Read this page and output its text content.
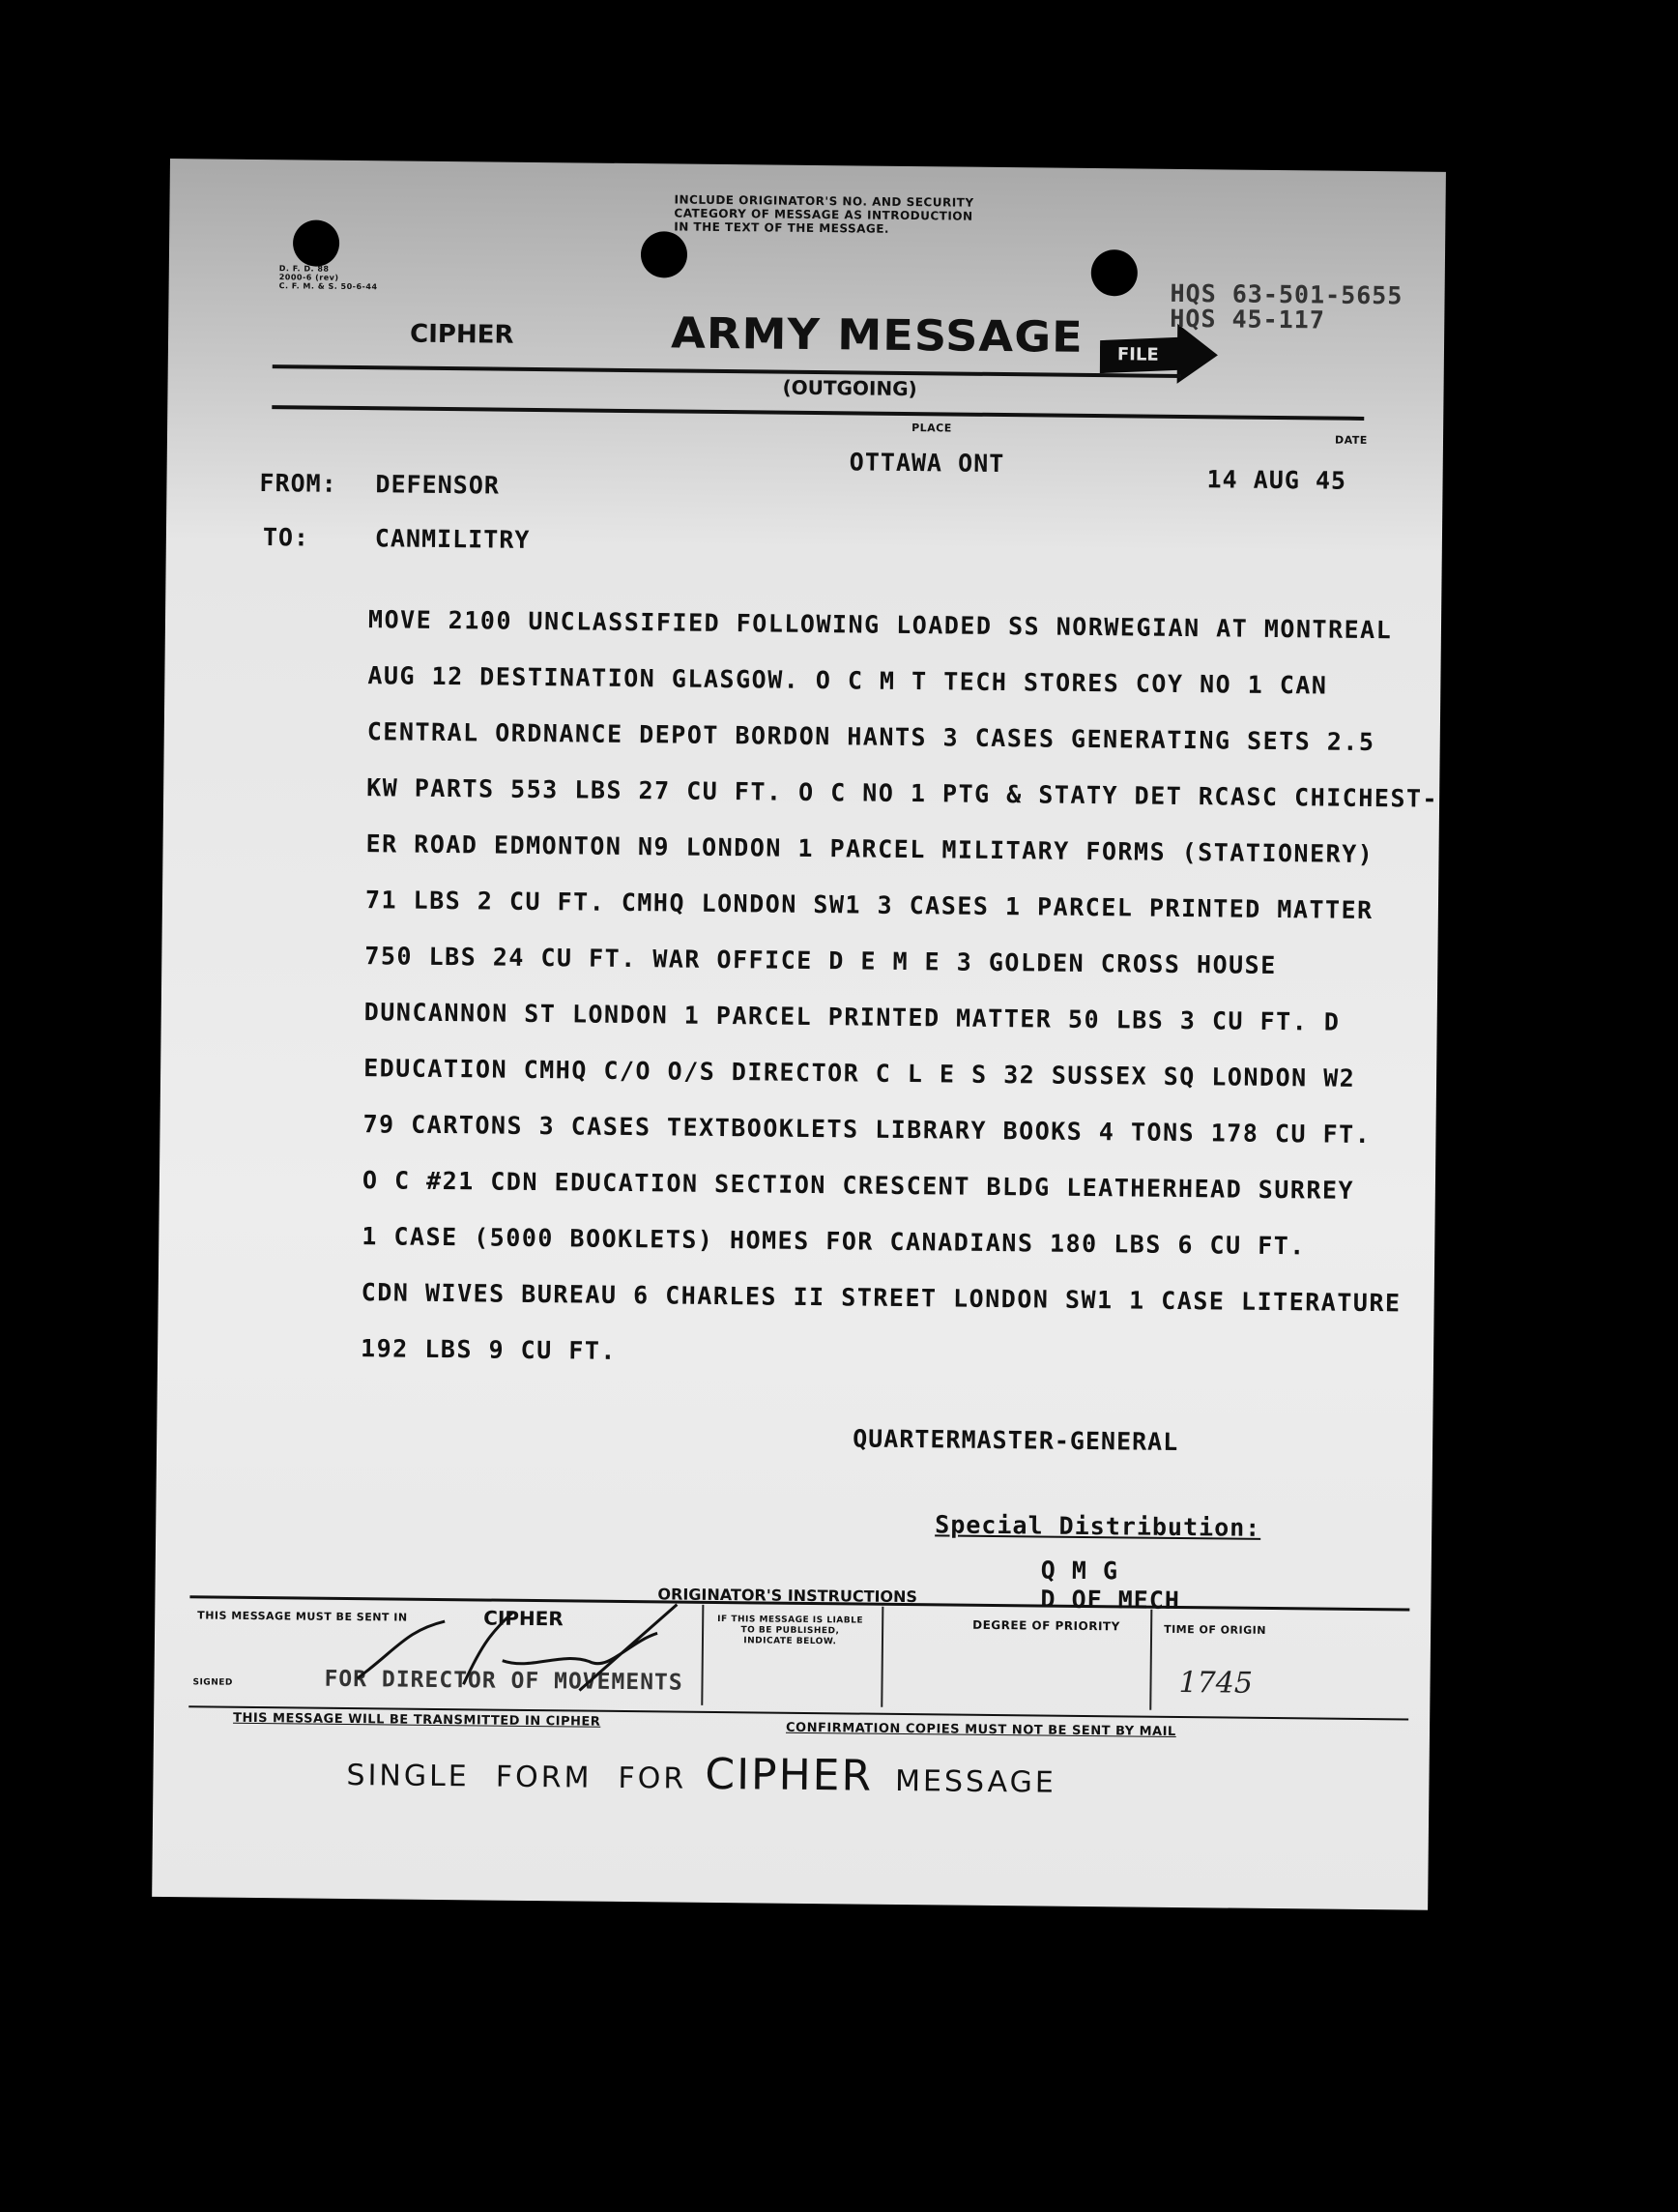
INCLUDE ORIGINATOR'S NO. AND SECURITY
CATEGORY OF MESSAGE AS INTRODUCTION
IN THE TEXT OF THE MESSAGE.
D. F. D. 88
2000-6 (rev)
C. F. M. & S. 50-6-44
CIPHER	ARMY MESSAGE
(OUTGOING)
FILE
HQS 63-501-5655
HQS 45-117
PLACE
OTTAWA ONT
DATE
14 AUG 45
FROM: DEFENSOR
TO:	CANMILITRY
MOVE 2100 UNCLASSIFIED FOLLOWING LOADED SS NORWEGIAN AT MONTREAL
AUG 12 DESTINATION GLASGOW. O C M T TECH STORES COY NO 1 CAN
CENTRAL ORDNANCE DEPOT BORDON HANTS 3 CASES GENERATING SETS 2.5
KW PARTS 553 LBS 27 CU FT. O C NO 1 PTG & STATY DET RCASC CHICHEST-
ER ROAD EDMONTON N9 LONDON 1 PARCEL MILITARY FORMS (STATIONERY)
71 LBS 2 CU FT. CMHQ LONDON SW1 3 CASES 1 PARCEL PRINTED MATTER
750 LBS 24 CU FT. WAR OFFICE D E M E 3 GOLDEN CROSS HOUSE
DUNCANNON ST LONDON 1 PARCEL PRINTED MATTER 50 LBS 3 CU FT. D
EDUCATION CMHQ C/O O/S DIRECTOR C L E S 32 SUSSEX SQ LONDON W2
79 CARTONS 3 CASES TEXTBOOKLETS LIBRARY BOOKS 4 TONS 178 CU FT.
O C #21 CDN EDUCATION SECTION CRESCENT BLDG LEATHERHEAD SURREY
1 CASE (5000 BOOKLETS) HOMES FOR CANADIANS 180 LBS 6 CU FT.
CDN WIVES BUREAU 6 CHARLES II STREET LONDON SW1 1 CASE LITERATURE
192 LBS 9 CU FT.
QUARTERMASTER-GENERAL
Special Distribution:
Q M G
D OF MECH
ORIGINATOR'S INSTRUCTIONS
THIS MESSAGE MUST BE SENT IN	CIPHER	IF THIS MESSAGE IS LIABLE
TO BE PUBLISHED,
INDICATE BELOW.
DEGREE OF PRIORITY	TIME OF ORIGIN
1745
SIGNED	FOR DIRECTOR OF MOVEMENTS
THIS MESSAGE WILL BE TRANSMITTED IN CIPHER
CONFIRMATION COPIES MUST NOT BE SENT BY MAIL
SINGLE FORM FOR CIPHER MESSAGE
